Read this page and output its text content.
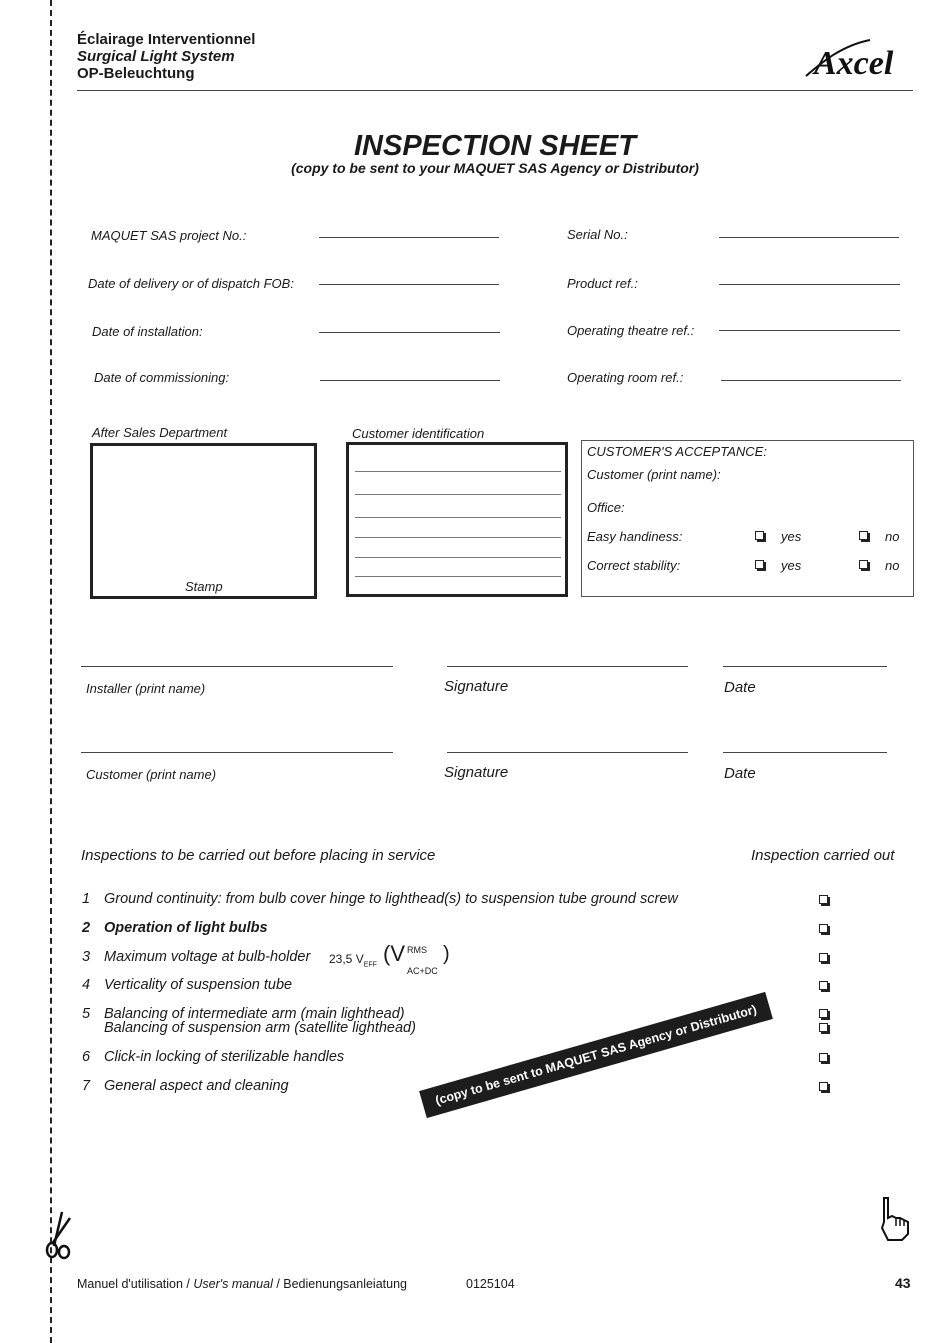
Éclairage Interventionnel
Surgical Light System
OP-Beleuchtung	Axcel
INSPECTION SHEET
(copy to be sent to your MAQUET SAS Agency or Distributor)
MAQUET SAS project No.:
Date of delivery or of dispatch FOB:
Date of installation:
Date of commissioning:
Serial No.:
Product ref.:
Operating theatre ref.:
Operating room ref.:
After Sales Department
Stamp
Customer identification
CUSTOMER'S ACCEPTANCE:
Customer (print name):
Office:
Easy handiness:	yes	no
Correct stability:	yes	no
Installer (print name)	Signature	Date
Customer (print name)	Signature	Date
Inspections to be carried out before placing in service	Inspection carried out
1 Ground continuity: from bulb cover hinge to lighthead(s) to suspension tube ground screw
2 Operation of light bulbs
3 Maximum voltage at bulb-holder 23,5 $V_{EFF}$ (V RMS
AC+DC
)
4 Verticality of suspension tube
5 Balancing of intermediate arm (main lighthead)
Balancing of suspension arm (satellite lighthead)
6 Click-in locking of sterilizable handles
7 General aspect and cleaning	(copy to be sent to MAQUET SAS Agency or Distributor)
Manuel d'utilisation / User's manual / Bedienungsanleiatung	0125104	43
